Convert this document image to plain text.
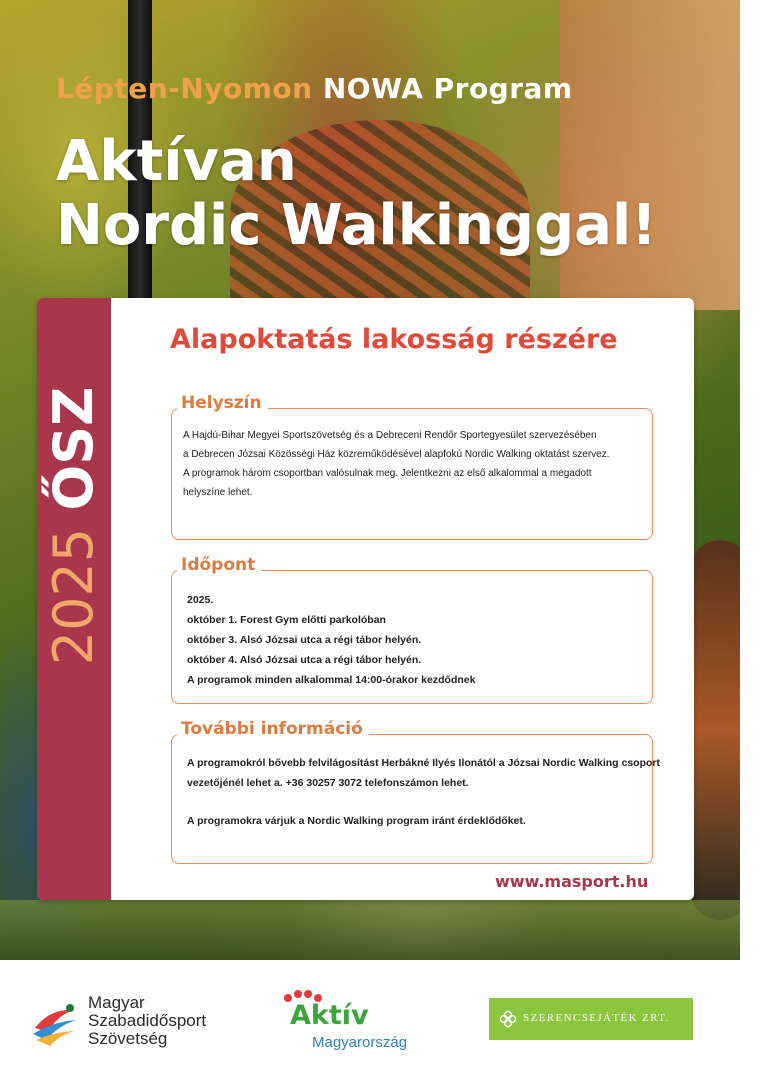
Lépten-Nyomon NOWA Program
Aktívan
Nordic Walkinggal!
2025 ŐSZ
Alapoktatás lakosság részére
Helyszín
A Hajdú-Bihar Megyei Sportszövetség és a Debreceni Rendőr Sportegyesület szervezésében
a Debrecen Józsai Közösségi Ház közreműködésével alapfokú Nordic Walking oktatást szervez.
A programok három csoportban valósulnak meg. Jelentkezni az első alkalommal a megadott
helyszíne lehet.
Időpont
2025.
október 1. Forest Gym előtti parkolóban
október 3. Alsó Józsai utca a régi tábor helyén.
október 4. Alsó Józsai utca a régi tábor helyén.
A programok minden alkalommal 14:00-órakor kezdődnek
További információ
A programokról bővebb felvilágosítást Herbákné Ilyés Ilonától a Józsai Nordic Walking csoport
vezetőjénél lehet a. +36 30257 3072 telefonszámon lehet.
A programokra várjuk a Nordic Walking program iránt érdeklődőket.
www.masport.hu
Magyar
Szabadidősport
Szövetség
Aktív
Magyarország
SZERENCSEJÁTÉK ZRT.
